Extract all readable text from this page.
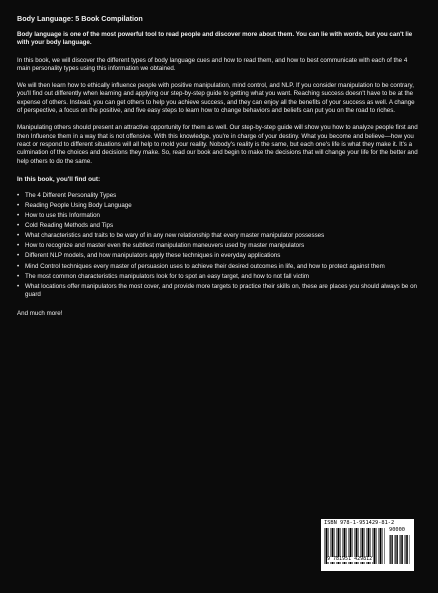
Body Language: 5 Book Compilation

Body language is one of the most powerful tool to read people and discover more about them. You can lie with words, but you can't lie with your body language.

In this book, we will discover the different types of body language cues and how to read them, and how to best communicate with each of the 4 main personality types using this information we obtained.

We will then learn how to ethically influence people with positive manipulation, mind control, and NLP. If you consider manipulation to be contrary, you'll find out differently when learning and applying our step-by-step guide to getting what you want. Reaching success doesn't have to be at the expense of others. Instead, you can get others to help you achieve success, and they can enjoy all the benefits of your success as well. A change of perspective, a focus on the positive, and five easy steps to learn how to change behaviors and beliefs can put you on the road to riches.

Manipulating others should present an attractive opportunity for them as well. Our step-by-step guide will show you how to analyze people first and then Influence them in a way that is not offensive. With this knowledge, you're in charge of your destiny. What you become and believe—how you react or respond to different situations will all help to mold your reality. Nobody's reality is the same, but each one's life is what they make it. It's a culmination of the choices and decisions they make. So, read our book and begin to make the decisions that will change your life for the better and help others to do the same.

In this book, you'll find out:
• The 4 Different Personality Types
• Reading People Using Body Language
• How to use this Information
• Cold Reading Methods and Tips
• What characteristics and traits to be wary of in any new relationship that every master manipulator possesses
• How to recognize and master even the subtlest manipulation maneuvers used by master manipulators
• Different NLP models, and how manipulators apply these techniques in everyday applications
• Mind Control techniques every master of persuasion uses to achieve their desired outcomes in life, and how to protect against them
• The most common characteristics manipulators look for to spot an easy target, and how to not fall victim
• What locations offer manipulators the most cover, and provide more targets to practice their skills on, these are places you should always be on guard

And much more!

ISBN 978-1-951429-81-2
90000
9 781951 429812
